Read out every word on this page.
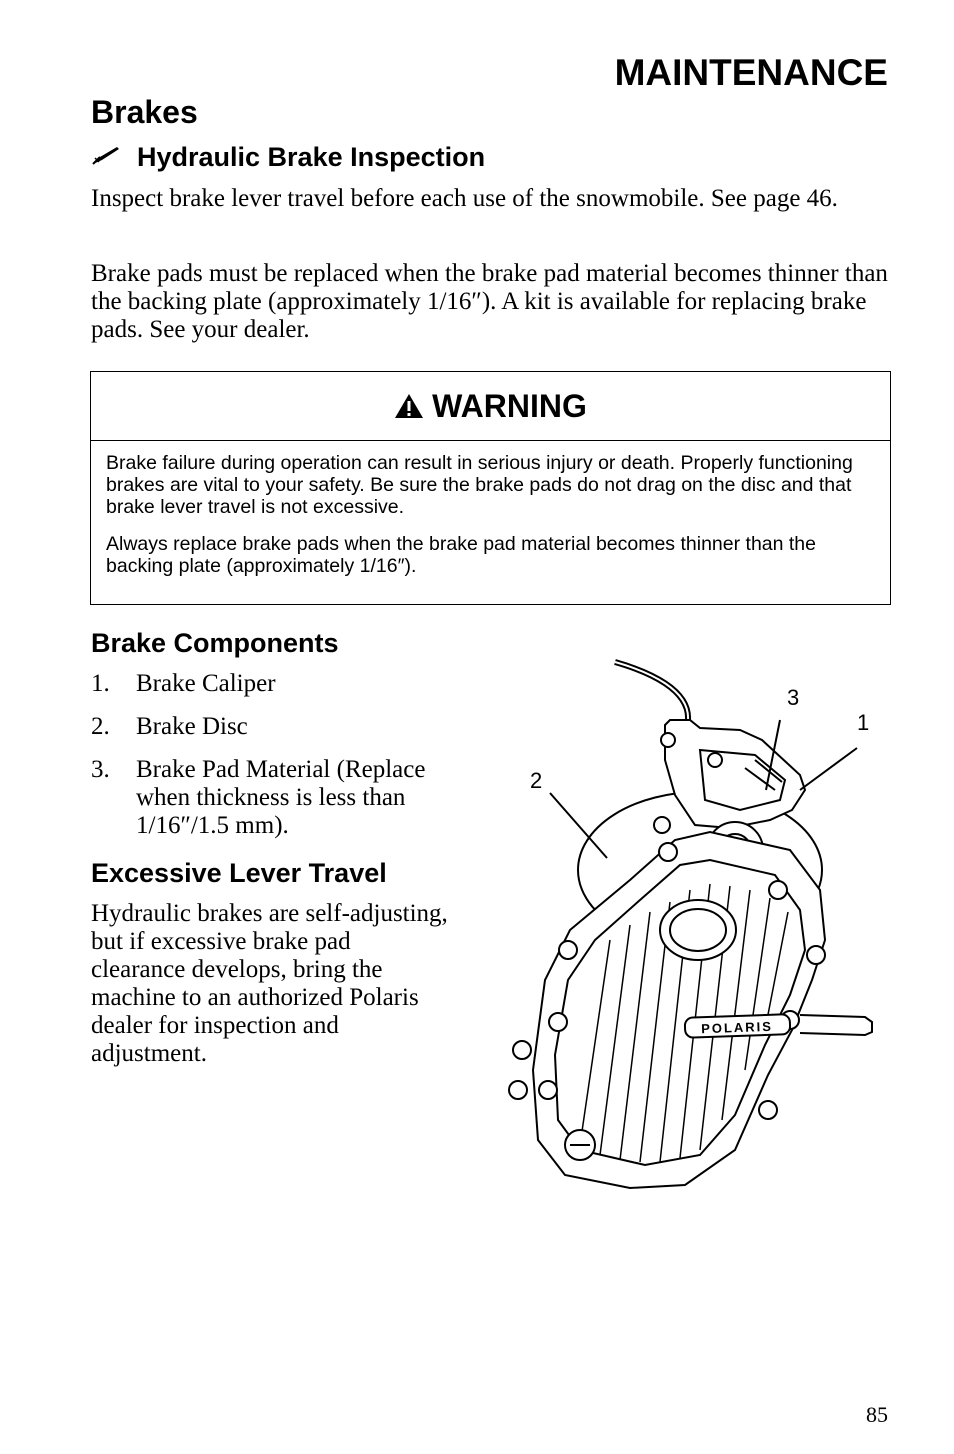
MAINTENANCE
Brakes
Hydraulic Brake Inspection

Inspect brake lever travel before each use of the snowmobile. See page 46.

Brake pads must be replaced when the brake pad material becomes thinner than the backing plate (approximately 1/16″). A kit is available for replacing brake pads. See your dealer.

WARNING

Brake failure during operation can result in serious injury or death. Properly functioning brakes are vital to your safety. Be sure the brake pads do not drag on the disc and that brake lever travel is not excessive.

Always replace brake pads when the brake pad material becomes thinner than the backing plate (approximately 1/16″).

Brake Components
1.	Brake Caliper
2.	Brake Disc
3.	Brake Pad Material (Replace when thickness is less than 1/16″/1.5 mm).
Excessive Lever Travel

Hydraulic brakes are self-adjusting, but if excessive brake pad clearance develops, bring the machine to an authorized Polaris dealer for inspection and adjustment.

POLARIS
3
1
2
85
